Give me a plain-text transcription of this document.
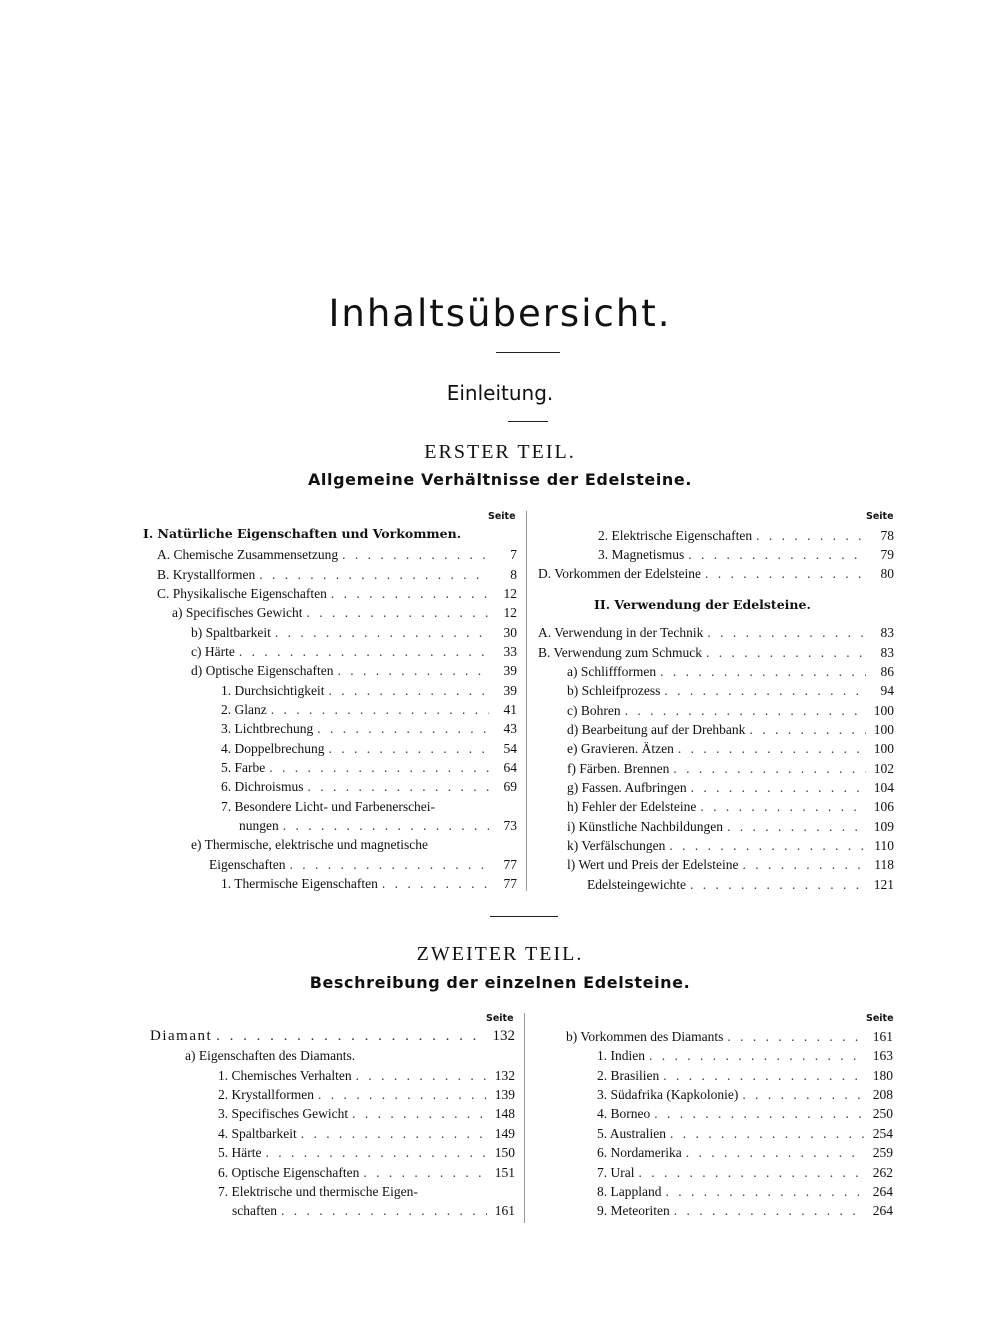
Inhaltsübersicht.
Einleitung.
ERSTER TEIL.
Allgemeine Verhältnisse der Edelsteine.
Seite	Seite
I. Natürliche Eigenschaften und Vorkommen.
A. Chemische Zusammensetzung . . .	7
B. Krystallformen . . .	8
C. Physikalische Eigenschaften . . .	12
a) Specifisches Gewicht . . .	12
b) Spaltbarkeit . . .	30
c) Härte . . .	33
d) Optische Eigenschaften . . .	39
1. Durchsichtigkeit . . .	39
2. Glanz . . .	41
3. Lichtbrechung . . .	43
4. Doppelbrechung . . .	54
5. Farbe . . .	64
6. Dichroismus . . .	69
7. Besondere Licht- und Farbenerschei-
nungen . . .	73
e) Thermische, elektrische und magnetische
Eigenschaften . . .	77
1. Thermische Eigenschaften . . .	77
2. Elektrische Eigenschaften . . .	78
3. Magnetismus . . .	79
D. Vorkommen der Edelsteine . . .	80
II. Verwendung der Edelsteine.
A. Verwendung in der Technik . . .	83
B. Verwendung zum Schmuck . . .	83
a) Schliffformen . . .	86
b) Schleifprozess . . .	94
c) Bohren . . .	100
d) Bearbeitung auf der Drehbank . . .	100
e) Gravieren. Ätzen . . .	100
f) Färben. Brennen . . .	102
g) Fassen. Aufbringen . . .	104
h) Fehler der Edelsteine . . .	106
i) Künstliche Nachbildungen . . .	109
k) Verfälschungen . . .	110
l) Wert und Preis der Edelsteine . . .	118
Edelsteingewichte . . .	121
ZWEITER TEIL.
Beschreibung der einzelnen Edelsteine.
Seite	Seite
Diamant . . .	132
a) Eigenschaften des Diamants.
1. Chemisches Verhalten . . .	132
2. Krystallformen . . .	139
3. Specifisches Gewicht . . .	148
4. Spaltbarkeit . . .	149
5. Härte . . .	150
6. Optische Eigenschaften . . .	151
7. Elektrische und thermische Eigen-
schaften . . .	161
b) Vorkommen des Diamants . . .	161
1. Indien . . .	163
2. Brasilien . . .	180
3. Südafrika (Kapkolonie) . . .	208
4. Borneo . . .	250
5. Australien . . .	254
6. Nordamerika . . .	259
7. Ural . . .	262
8. Lappland . . .	264
9. Meteoriten . . .	264
